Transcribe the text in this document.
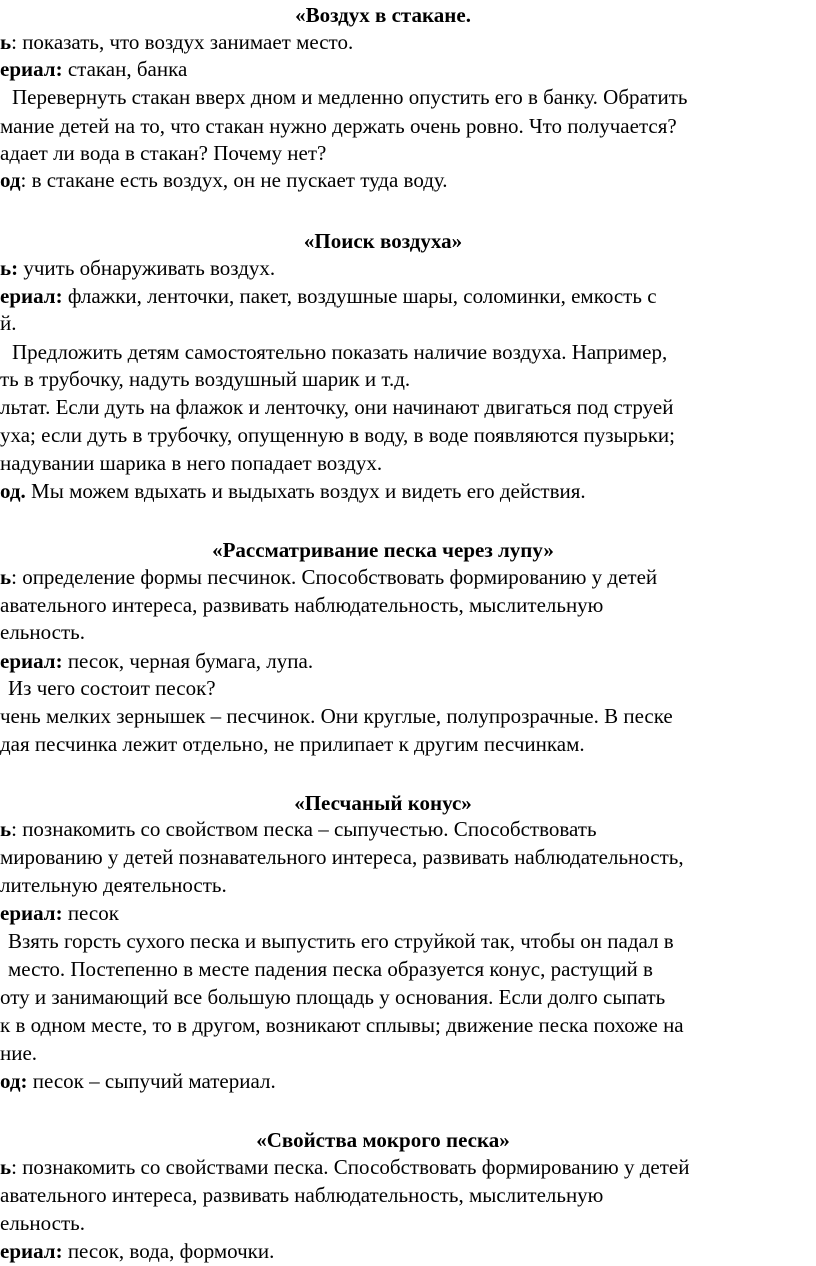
«Воздух в стакане.

ь: показать, что воздух занимает место.

ериал: стакан, банка

Перевернуть стакан вверх дном и медленно опустить его в банку. Обратить

мание детей на то, что стакан нужно держать очень ровно. Что получается?

адает ли вода в стакан? Почему нет?

од: в стакане есть воздух, он не пускает туда воду.

«Поиск воздуха»

ь: учить обнаруживать воздух.

ериал: флажки, ленточки, пакет, воздушные шары, соломинки, емкость с

й.

Предложить детям самостоятельно показать наличие воздуха. Например,

ть в трубочку, надуть воздушный шарик и т.д.

льтат. Если дуть на флажок и ленточку, они начинают двигаться под струей

уха; если дуть в трубочку, опущенную в воду, в воде появляются пузырьки;

надувании шарика в него попадает воздух.

од. Мы можем вдыхать и выдыхать воздух и видеть его действия.

«Рассматривание песка через лупу»

ь: определение формы песчинок. Способствовать формированию у детей

авательного интереса, развивать наблюдательность, мыслительную

ельность.

ериал: песок, черная бумага, лупа.

Из чего состоит песок?

чень мелких зернышек – песчинок. Они круглые, полупрозрачные. В песке

дая песчинка лежит отдельно, не прилипает к другим песчинкам.

«Песчаный конус»

ь: познакомить со свойством песка – сыпучестью. Способствовать

мированию у детей познавательного интереса, развивать наблюдательность,

лительную деятельность.

ериал: песок

Взять горсть сухого песка и выпустить его струйкой так, чтобы он падал в

место. Постепенно в месте падения песка образуется конус, растущий в

оту и занимающий все большую площадь у основания. Если долго сыпать

к в одном месте, то в другом, возникают сплывы; движение песка похоже на

ние.

од: песок – сыпучий материал.

«Свойства мокрого песка»

ь: познакомить со свойствами песка. Способствовать формированию у детей

авательного интереса, развивать наблюдательность, мыслительную

ельность.

ериал: песок, вода, формочки.
